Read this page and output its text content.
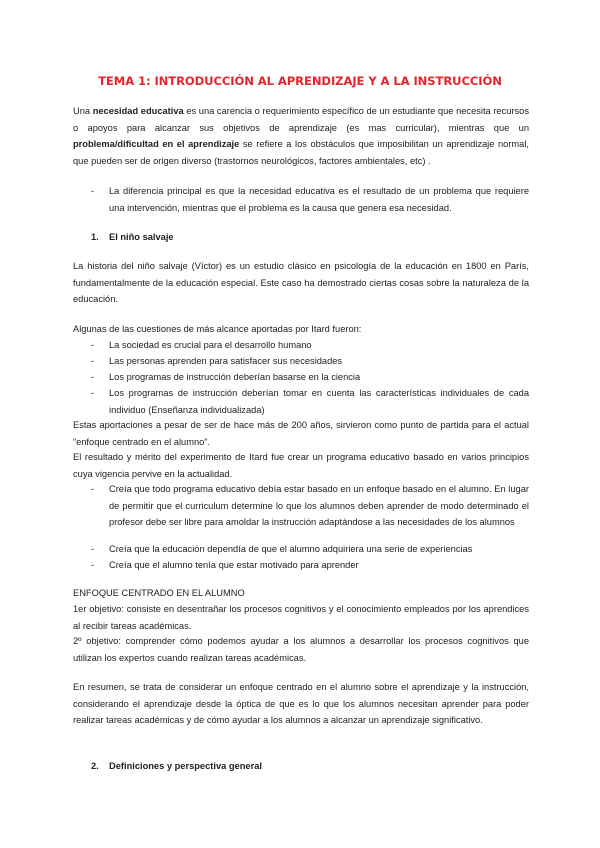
TEMA 1: INTRODUCCIÓN AL APRENDIZAJE Y A LA INSTRUCCIÓN
Una necesidad educativa es una carencia o requerimiento específico de un estudiante que necesita recursos o apoyos para alcanzar sus objetivos de aprendizaje (es mas curricular), mientras que un problema/dificultad en el aprendizaje se refiere a los obstáculos que imposibilitan un aprendizaje normal, que pueden ser de origen diverso (trastornos neurológicos, factores ambientales, etc) .
- La diferencia principal es que la necesidad educativa es el resultado de un problema que requiere una intervención, mientras que el problema es la causa que genera esa necesidad.
1. El niño salvaje
La historia del niño salvaje (Víctor) es un estudio clásico en psicología de la educación en 1800 en París, fundamentalmente de la educación especial. Este caso ha demostrado ciertas cosas sobre la naturaleza de la educación.
Algunas de las cuestiones de más alcance aportadas por Itard fueron:
- La sociedad es crucial para el desarrollo humano
- Las personas aprenden para satisfacer sus necesidades
- Los programas de instrucción deberían basarse en la ciencia
- Los programas de instrucción deberían tomar en cuenta las características individuales de cada individuo (Enseñanza individualizada)
Estas aportaciones a pesar de ser de hace más de 200 años, sirvieron como punto de partida para el actual “enfoque centrado en el alumno”.
El resultado y mérito del experimento de Itard fue crear un programa educativo basado en varios principios cuya vigencia pervive en la actualidad.
- Creía que todo programa educativo debía estar basado en un enfoque basado en el alumno. En lugar de permitir que el curriculum determine lo que los alumnos deben aprender de modo determinado el profesor debe ser libre para amoldar la instrucción adaptándose a las necesidades de los alumnos
- Creía que la educación dependía de que el alumno adquiriera una serie de experiencias
- Creía que el alumno tenía que estar motivado para aprender
ENFOQUE CENTRADO EN EL ALUMNO
1er objetivo: consiste en desentrañar los procesos cognitivos y el conocimiento empleados por los aprendices al recibir tareas académicas.
2º objetivo: comprender cómo podemos ayudar a los alumnos a desarrollar los procesos cognitivos que utilizan los expertos cuando realizan tareas académicas.
En resumen, se trata de considerar un enfoque centrado en el alumno sobre el aprendizaje y la instrucción, considerando el aprendizaje desde la óptica de que es lo que los alumnos necesitan aprender para poder realizar tareas académicas y de cómo ayudar a los alumnos a alcanzar un aprendizaje significativo.
2. Definiciones y perspectiva general
